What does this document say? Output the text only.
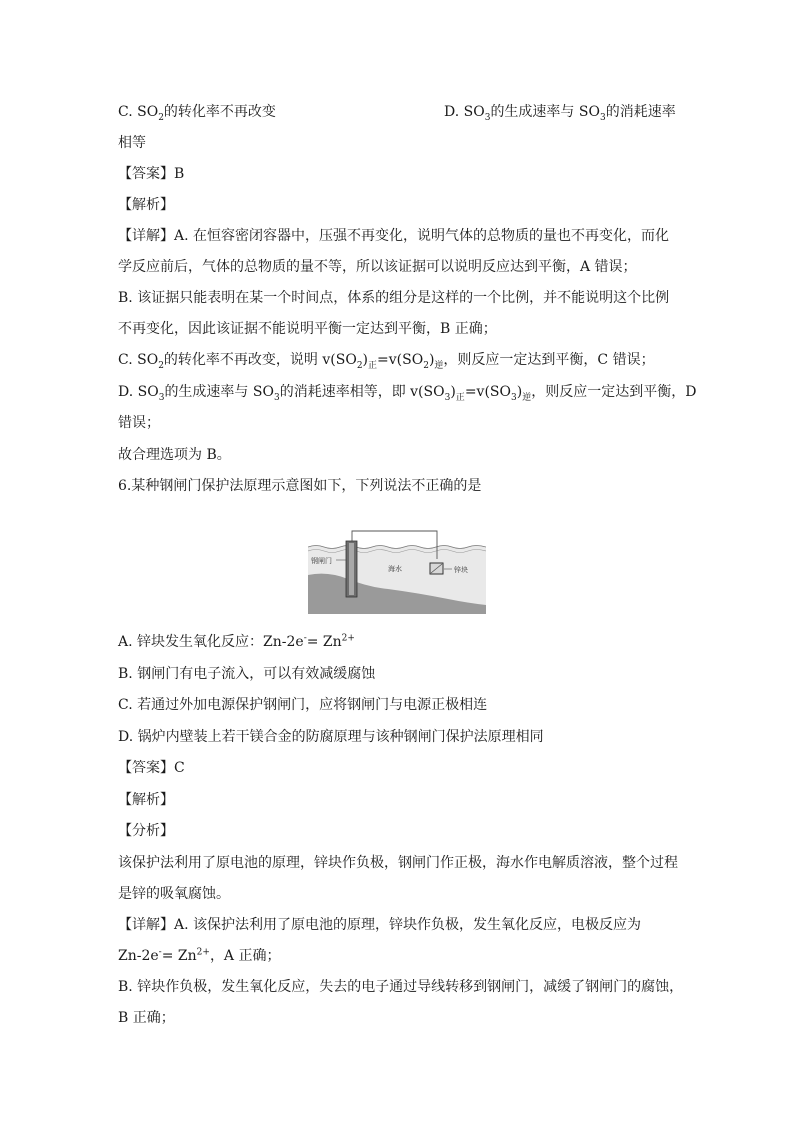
C. $SO_2$的转化率不再改变	D. $SO_3$的生成速率与 $SO_3$的消耗速率
相等
【答案】B
【解析】
【详解】A. 在恒容密闭容器中，压强不再变化，说明气体的总物质的量也不再变化，而化
学反应前后，气体的总物质的量不等，所以该证据可以说明反应达到平衡，A 错误；
B. 该证据只能表明在某一个时间点，体系的组分是这样的一个比例，并不能说明这个比例
不再变化，因此该证据不能说明平衡一定达到平衡，B 正确；
C. $SO_2$的转化率不再改变，说明 $v(SO_2)_正=v(SO_2)_逆$，则反应一定达到平衡，C 错误；
D. $SO_3$的生成速率与 $SO_3$的消耗速率相等，即 $v(SO_3)_正=v(SO_3)_逆$，则反应一定达到平衡，D
错误；
故合理选项为 B。
6.某种钢闸门保护法原理示意图如下，下列说法不正确的是
钢闸门
海水	锌块
A. 锌块发生氧化反应：$Zn-2e^-= Zn^{2+}$
B. 钢闸门有电子流入，可以有效减缓腐蚀
C. 若通过外加电源保护钢闸门，应将钢闸门与电源正极相连
D. 锅炉内壁装上若干镁合金的防腐原理与该种钢闸门保护法原理相同
【答案】C
【解析】
【分析】
该保护法利用了原电池的原理，锌块作负极，钢闸门作正极，海水作电解质溶液，整个过程
是锌的吸氧腐蚀。
【详解】A. 该保护法利用了原电池的原理，锌块作负极，发生氧化反应，电极反应为
$Zn-2e^-= Zn^{2+}$，A 正确；
B. 锌块作负极，发生氧化反应，失去的电子通过导线转移到钢闸门，减缓了钢闸门的腐蚀，
B 正确；
